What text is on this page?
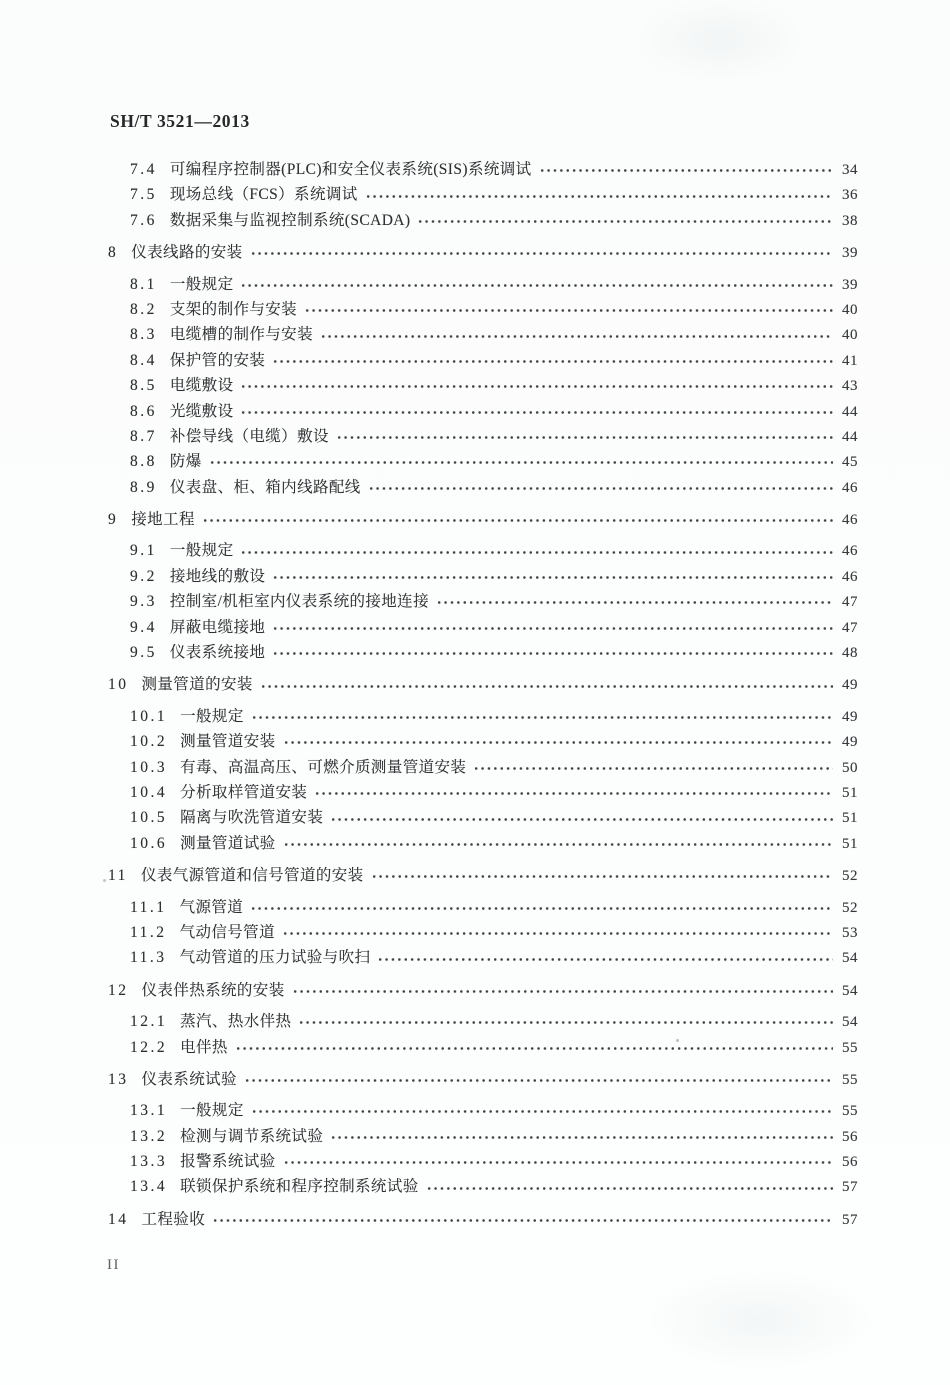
SH/T 3521—2013
7.4 可编程序控制器(PLC)和安全仪表系统(SIS)系统调试	34
7.5 现场总线（FCS）系统调试	36
7.6 数据采集与监视控制系统(SCADA)	38
8 仪表线路的安装	39
8.1 一般规定	39
8.2 支架的制作与安装	40
8.3 电缆槽的制作与安装	40
8.4 保护管的安装	41
8.5 电缆敷设	43
8.6 光缆敷设	44
8.7 补偿导线（电缆）敷设	44
8.8 防爆	45
8.9 仪表盘、柜、箱内线路配线	46
9 接地工程	46
9.1 一般规定	46
9.2 接地线的敷设	46
9.3 控制室/机柜室内仪表系统的接地连接	47
9.4 屏蔽电缆接地	47
9.5 仪表系统接地	48
10 测量管道的安装	49
10.1 一般规定	49
10.2 测量管道安装	49
10.3 有毒、高温高压、可燃介质测量管道安装	50
10.4 分析取样管道安装	51
10.5 隔离与吹洗管道安装	51
10.6 测量管道试验	51
11 仪表气源管道和信号管道的安装	52
11.1 气源管道	52
11.2 气动信号管道	53
11.3 气动管道的压力试验与吹扫	54
12 仪表伴热系统的安装	54
12.1 蒸汽、热水伴热	54
12.2 电伴热	55
13 仪表系统试验	55
13.1 一般规定	55
13.2 检测与调节系统试验	56
13.3 报警系统试验	56
13.4 联锁保护系统和程序控制系统试验	57
14 工程验收	57
II
